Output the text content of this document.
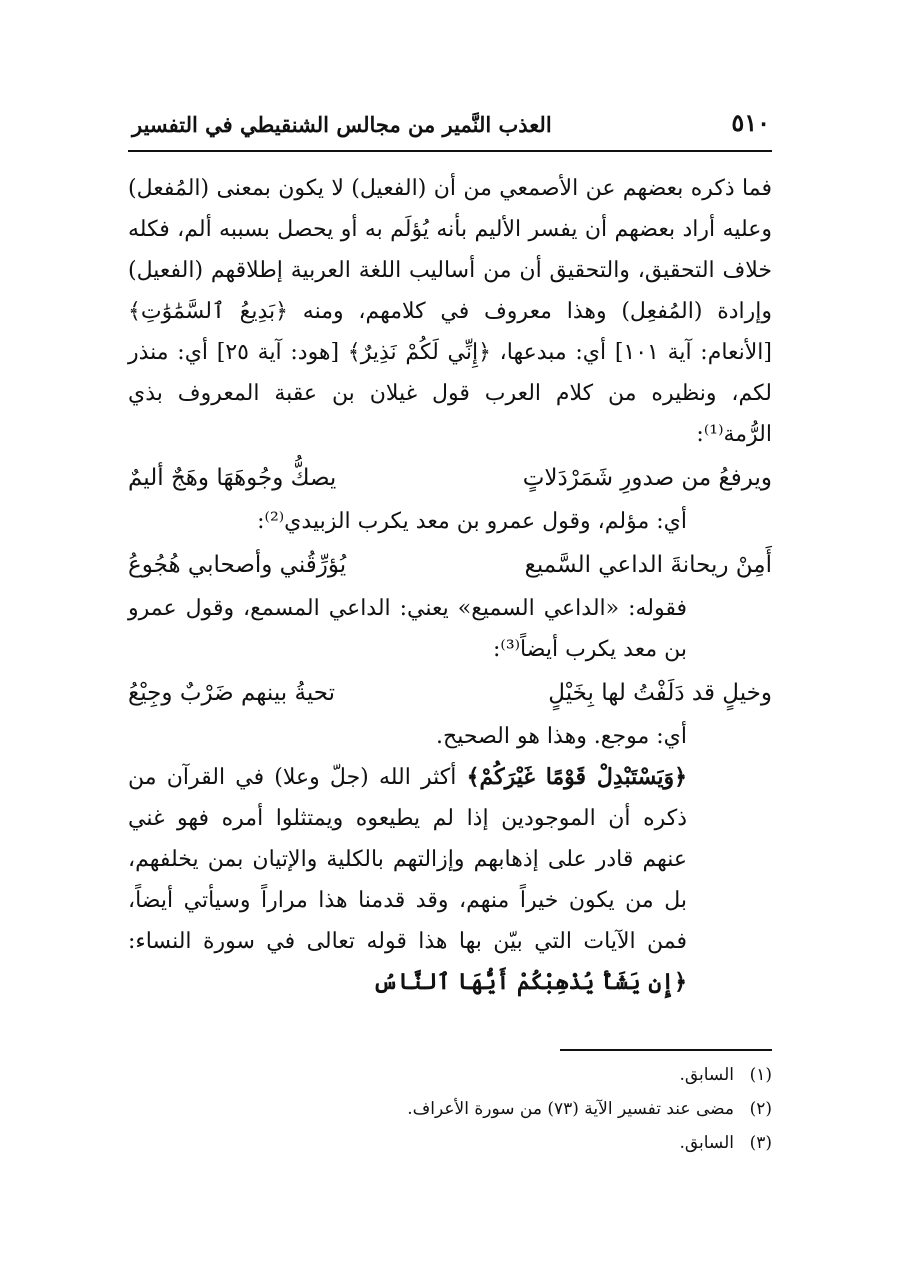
٥١٠
العذب النَّمير من مجالس الشنقيطي في التفسير

فما ذكره بعضهم عن الأصمعي من أن (الفعيل) لا يكون بمعنى (المُفعل) وعليه أراد بعضهم أن يفسر الأليم بأنه يُؤلَم به أو يحصل بسببه ألم، فكله خلاف التحقيق، والتحقيق أن من أساليب اللغة العربية إطلاقهم (الفعيل) وإرادة (المُفعِل) وهذا معروف في كلامهم، ومنه ﴿بَدِيعُ ٱلسَّمَٰوَٰتِ﴾ [الأنعام: آية ١٠١] أي: مبدعها، ﴿إِنِّي لَكُمْ نَذِيرٌ﴾ [هود: آية ٢٥] أي: منذر لكم، ونظيره من كلام العرب قول غيلان بن عقبة المعروف بذي الرُّمة⁽¹⁾:

ويرفعُ من صدورِ شَمَرْدَلاتٍ
يصكُّ وجُوهَهَا وهَجٌ أليمٌ

أي: مؤلم، وقول عمرو بن معد يكرب الزبيدي⁽²⁾:

أَمِنْ ريحانةَ الداعي السَّميع
يُؤرِّقُني وأصحابي هُجُوعُ

فقوله: «الداعي السميع» يعني: الداعي المسمع، وقول عمرو بن معد يكرب أيضاً⁽³⁾:

وخيلٍ قد دَلَفْتُ لها بِخَيْلٍ
تحيةُ بينهم ضَرْبٌ وجِيْعُ

أي: موجع. وهذا هو الصحيح.

﴿وَيَسْتَبْدِلْ قَوْمًا غَيْرَكُمْ﴾ أكثر الله (جلّ وعلا) في القرآن من ذكره أن الموجودين إذا لم يطيعوه ويمتثلوا أمره فهو غني عنهم قادر على إذهابهم وإزالتهم بالكلية والإتيان بمن يخلفهم، بل من يكون خيراً منهم، وقد قدمنا هذا مراراً وسيأتي أيضاً، فمن الآيات التي بيّن بها هذا قوله تعالى في سورة النساء: ﴿إِن يَشَأْ يُذْهِبْكُمْ أَيُّهَا ٱلنَّاسُ

(١)
السابق.
(٢)
مضى عند تفسير الآية (٧٣) من سورة الأعراف.
(٣)
السابق.
